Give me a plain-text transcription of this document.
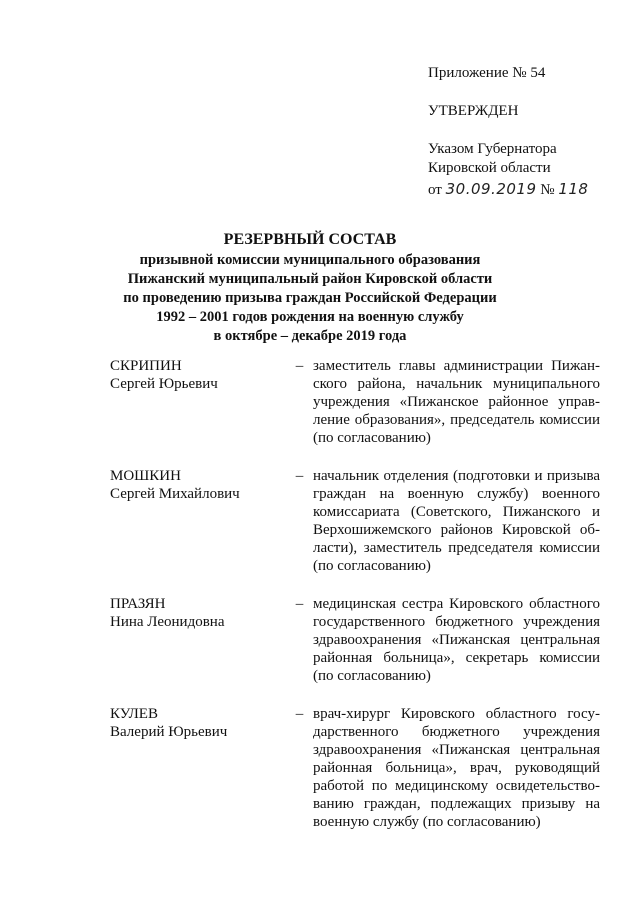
Приложение № 54
УТВЕРЖДЕН
Указом Губернатора
Кировской области
от 30.09.2019 № 118
РЕЗЕРВНЫЙ СОСТАВ
призывной комиссии муниципального образования
Пижанский муниципальный район Кировской области
по проведению призыва граждан Российской Федерации
1992 – 2001 годов рождения на военную службу
в октябре – декабре 2019 года
СКРИПИН
Сергей Юрьевич
– заместитель главы администрации Пижанского района, начальник муниципального учреждения «Пижанское районное управление образования», председатель комиссии (по согласованию)
МОШКИН
Сергей Михайлович
– начальник отделения (подготовки и призыва граждан на военную службу) военного комиссариата (Советского, Пижанского и Верхошижемского районов Кировской области), заместитель председателя комиссии (по согласованию)
ПРАЗЯН
Нина Леонидовна
– медицинская сестра Кировского областного государственного бюджетного учреждения здравоохранения «Пижанская центральная районная больница», секретарь комиссии (по согласованию)
КУЛЕВ
Валерий Юрьевич
– врач-хирург Кировского областного государственного бюджетного учреждения здравоохранения «Пижанская центральная районная больница», врач, руководящий работой по медицинскому освидетельствованию граждан, подлежащих призыву на военную службу (по согласованию)
